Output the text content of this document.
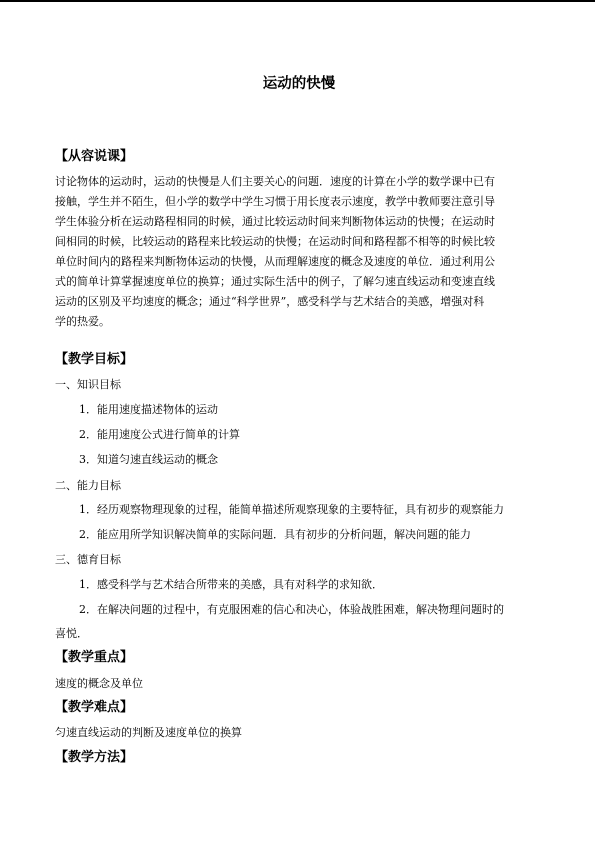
运动的快慢
【从容说课】
讨论物体的运动时，运动的快慢是人们主要关心的问题．速度的计算在小学的数学课中已有
接触，学生并不陌生，但小学的数学中学生习惯于用长度表示速度，教学中教师要注意引导
学生体验分析在运动路程相同的时候，通过比较运动时间来判断物体运动的快慢；在运动时
间相同的时候，比较运动的路程来比较运动的快慢；在运动时间和路程都不相等的时候比较
单位时间内的路程来判断物体运动的快慢，从而理解速度的概念及速度的单位．通过利用公
式的简单计算掌握速度单位的换算；通过实际生活中的例子，了解匀速直线运动和变速直线
运动的区别及平均速度的概念；通过“科学世界”，感受科学与艺术结合的美感，增强对科
学的热爱。
【教学目标】
一、知识目标
1．能用速度描述物体的运动
2．能用速度公式进行简单的计算
3．知道匀速直线运动的概念
二、能力目标
1．经历观察物理现象的过程，能简单描述所观察现象的主要特征，具有初步的观察能力
2．能应用所学知识解决简单的实际问题．具有初步的分析问题，解决问题的能力
三、德育目标
1．感受科学与艺术结合所带来的美感，具有对科学的求知欲．
2．在解决问题的过程中，有克服困难的信心和决心，体验战胜困难，解决物理问题时的
喜悦．
【教学重点】
速度的概念及单位
【教学难点】
匀速直线运动的判断及速度单位的换算
【教学方法】
